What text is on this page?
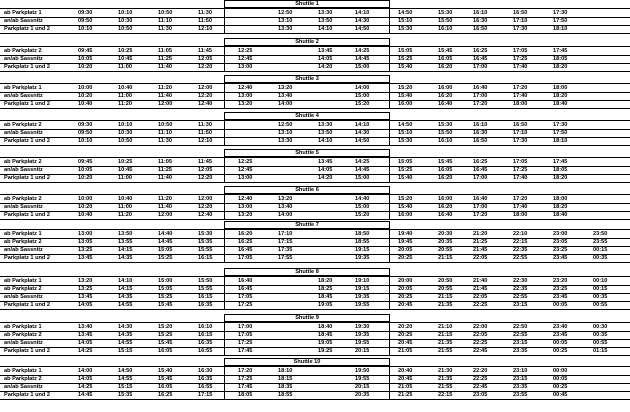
Shuttle 1
ab Parkplatz 1	09:30	10:10	10:50	11:30	12:50	13:30	14:10	14:50	15:30	16:10	16:50	17:30
an/ab Sassnitz	09:50	10:30	11:10	11:50	13:10	13:50	14:30	15:10	15:50	16:30	17:10	17:50
Parkplatz 1 und 2	10:10	10:50	11:30	12:10	13:30	14:10	14:50	15:30	16:10	16:50	17:30	18:10
Shuttle 2
ab Parkplatz 2	09:45	10:25	11:05	11:45	12:25	13:45	14:25	15:05	15:45	16:25	17:05	17:45
an/ab Sassnitz	10:05	10:45	11:25	12:05	12:45	14:05	14:45	15:25	16:05	16:45	17:25	18:05
Parkplatz 1 und 2	10:20	11:00	11:40	12:20	13:00	14:20	15:00	15:40	16:20	17:00	17:40	18:20
Shuttle 3
ab Parkplatz 1	10:00	10:40	11:20	12:00	12:40	13:20	14:00	15:20	16:00	16:40	17:20	18:00
an/ab Sassnitz	10:20	11:00	11:40	12:20	13:00	13:40	15:00	15:40	16:20	17:00	17:40	18:20
Parkplatz 1 und 2	10:40	11:20	12:00	12:40	13:20	14:00	15:20	16:00	16:40	17:20	18:00	18:40
Shuttle 4
ab Parkplatz 2	09:30	10:10	10:50	11:30	12:50	13:30	14:10	14:50	15:30	16:10	16:50	17:30
an/ab Sassnitz	09:50	10:30	11:10	11:50	13:10	13:50	14:30	15:10	15:50	16:30	17:10	17:50
Parkplatz 1 und 2	10:10	10:50	11:30	12:10	13:30	14:10	14:50	15:30	16:10	16:50	17:30	18:10
Shuttle 5
ab Parkplatz 2	09:45	10:25	11:05	11:45	12:25	13:45	14:25	15:05	15:45	16:25	17:05	17:45
an/ab Sassnitz	10:05	10:45	11:25	12:05	12:45	14:05	14:45	15:25	16:05	16:45	17:25	18:05
Parkplatz 1 und 2	10:20	11:00	11:40	12:20	13:00	14:20	15:00	15:40	16:20	17:00	17:40	18:20
Shuttle 6
ab Parkplatz 2	10:00	10:40	11:20	12:00	12:40	13:20	14:40	15:20	16:00	16:40	17:20	18:00
an/ab Sassnitz	10:20	11:00	11:40	12:20	13:00	13:40	15:00	15:40	16:20	17:00	17:40	18:20
Parkplatz 1 und 2	10:40	11:20	12:00	12:40	13:20	14:00	15:20	16:00	16:40	17:20	18:00	18:40
Shuttle 7
ab Parkplatz 1	13:00	13:50	14:40	15:30	16:20	17:10	18:50	19:40	20:30	21:20	22:10	23:00	23:50
ab Parkplatz 2	13:05	13:55	14:45	15:35	16:25	17:15	18:55	19:45	20:35	21:25	22:15	23:05	23:55
an/ab Sassnitz	13:25	14:15	15:05	15:55	16:45	17:35	19:15	20:05	20:55	21:45	22:35	23:25	00:15
Parkplatz 1 und 2	13:45	14:35	15:25	16:15	17:05	17:55	19:35	20:25	21:15	22:05	22:55	23:45	00:35
Shuttle 8
ab Parkplatz 1	13:20	14:10	15:00	15:50	16:40	18:20	19:10	20:00	20:50	21:40	22:30	23:20	00:10
ab Parkplatz 2	13:25	14:15	15:05	15:55	16:45	18:25	19:15	20:05	20:55	21:45	22:35	23:25	00:15
an/ab Sassnitz	13:45	14:35	15:25	16:15	17:05	18:45	19:35	20:25	21:15	22:05	22:55	23:45	00:35
Parkplatz 1 und 2	14:05	14:55	15:45	16:35	17:25	19:05	19:55	20:45	21:35	22:25	23:15	00:05	00:55
Shuttle 9
ab Parkplatz 1	13:40	14:30	15:20	16:10	17:00	18:40	19:30	20:20	21:10	22:00	22:50	23:40	00:30
ab Parkplatz 2	13:45	14:35	15:25	16:15	17:05	18:45	19:35	20:25	21:15	22:05	22:55	23:45	00:35
an/ab Sassnitz	14:05	14:55	15:45	16:35	17:25	19:05	19:55	20:45	21:35	22:25	23:15	00:05	00:55
Parkplatz 1 und 2	14:25	15:15	16:05	16:55	17:45	19:25	20:15	21:05	21:55	22:45	23:35	00:25	01:15
Shuttle 10
ab Parkplatz 1	14:00	14:50	15:40	16:30	17:20	18:10	19:50	20:40	21:30	22:20	23:10	00:00
ab Parkplatz 2	14:05	14:55	15:45	16:35	17:25	18:15	19:55	20:45	21:35	22:25	23:15	00:05
an/ab Sassnitz	14:25	15:15	16:05	16:55	17:45	18:35	20:15	21:05	21:55	22:45	23:35	00:25
Parkplatz 1 und 2	14:45	15:35	16:25	17:15	18:05	18:55	20:35	21:25	22:15	23:05	23:55	00:45
